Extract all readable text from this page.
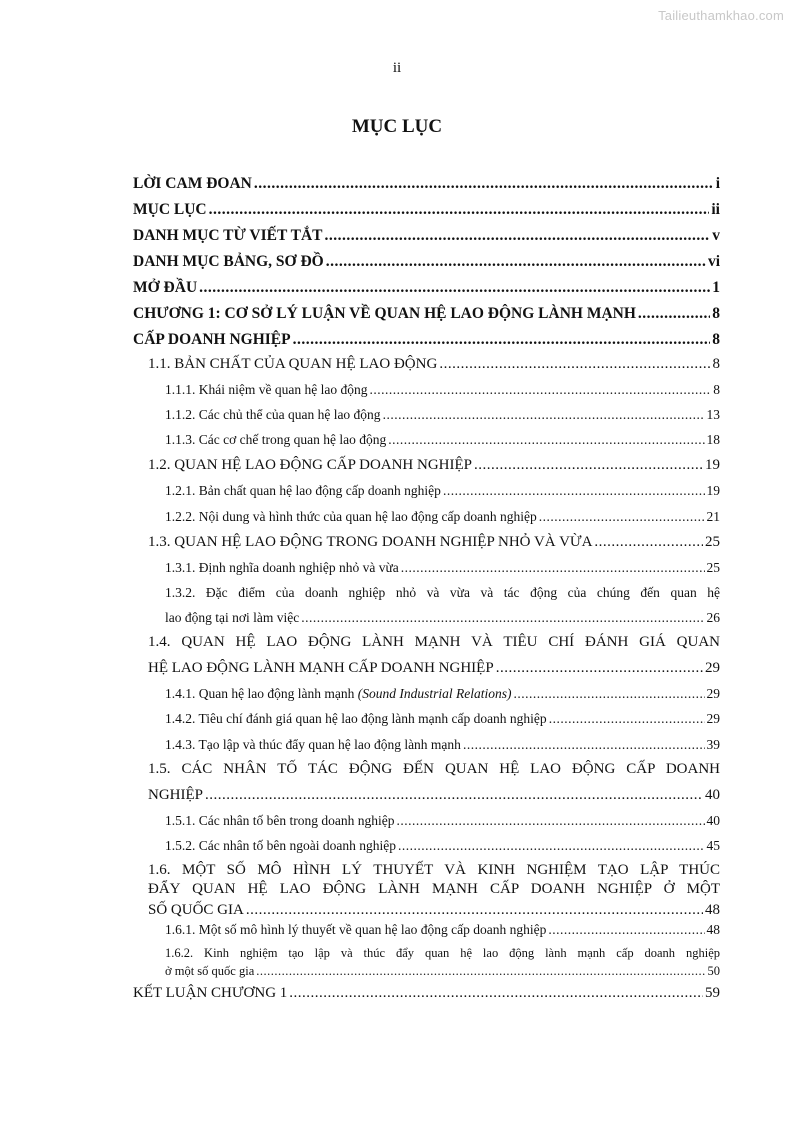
Tailieuthamkhao.com
ii
MỤC LỤC
LỜI CAM ĐOAN .....	i
MỤC LỤC .....	ii
DANH MỤC TỪ VIẾT TẮT .....	v
DANH MỤC BẢNG, SƠ ĐỒ .....	vi
MỞ ĐẦU .....	1
CHƯƠNG 1: CƠ SỞ LÝ LUẬN VỀ QUAN HỆ LAO ĐỘNG LÀNH MẠNH .....	8
CẤP DOANH NGHIỆP .....	8
1.1. BẢN CHẤT CỦA QUAN HỆ LAO ĐỘNG .....	8
1.1.1. Khái niệm về quan hệ lao động .....	8
1.1.2. Các chủ thể của quan hệ lao động .....	13
1.1.3. Các cơ chế trong quan hệ lao động .....	18
1.2. QUAN HỆ LAO ĐỘNG CẤP DOANH NGHIỆP .....	19
1.2.1. Bản chất quan hệ lao động cấp doanh nghiệp .....	19
1.2.2. Nội dung và hình thức của quan hệ lao động cấp doanh nghiệp .....	21
1.3. QUAN HỆ LAO ĐỘNG TRONG DOANH NGHIỆP NHỎ VÀ VỪA .....	25
1.3.1. Định nghĩa doanh nghiệp nhỏ và vừa .....	25
1.3.2. Đặc điểm của doanh nghiệp nhỏ và vừa và tác động của chúng đến quan hệ
lao động tại nơi làm việc .....	26
1.4. QUAN HỆ LAO ĐỘNG LÀNH MẠNH VÀ TIÊU CHÍ ĐÁNH GIÁ QUAN
HỆ LAO ĐỘNG LÀNH MẠNH CẤP DOANH NGHIỆP .....	29
1.4.1. Quan hệ lao động lành mạnh (Sound Industrial Relations) .....	29
1.4.2. Tiêu chí đánh giá quan hệ lao động lành mạnh cấp doanh nghiệp .....	29
1.4.3. Tạo lập và thúc đẩy quan hệ lao động lành mạnh .....	39
1.5. CÁC NHÂN TỐ TÁC ĐỘNG ĐẾN QUAN HỆ LAO ĐỘNG CẤP DOANH
NGHIỆP .....	40
1.5.1. Các nhân tố bên trong doanh nghiệp .....	40
1.5.2. Các nhân tố bên ngoài doanh nghiệp .....	45
1.6. MỘT SỐ MÔ HÌNH LÝ THUYẾT VÀ KINH NGHIỆM TẠO LẬP THÚC
ĐẨY QUAN HỆ LAO ĐỘNG LÀNH MẠNH CẤP DOANH NGHIỆP Ở MỘT
SỐ QUỐC GIA .....	48
1.6.1. Một số mô hình lý thuyết về quan hệ lao động cấp doanh nghiệp .....	48
1.6.2. Kinh nghiệm tạo lập và thúc đẩy quan hệ lao động lành mạnh cấp doanh nghiệp
ở một số quốc gia .....	50
KẾT LUẬN CHƯƠNG 1 .....	59
